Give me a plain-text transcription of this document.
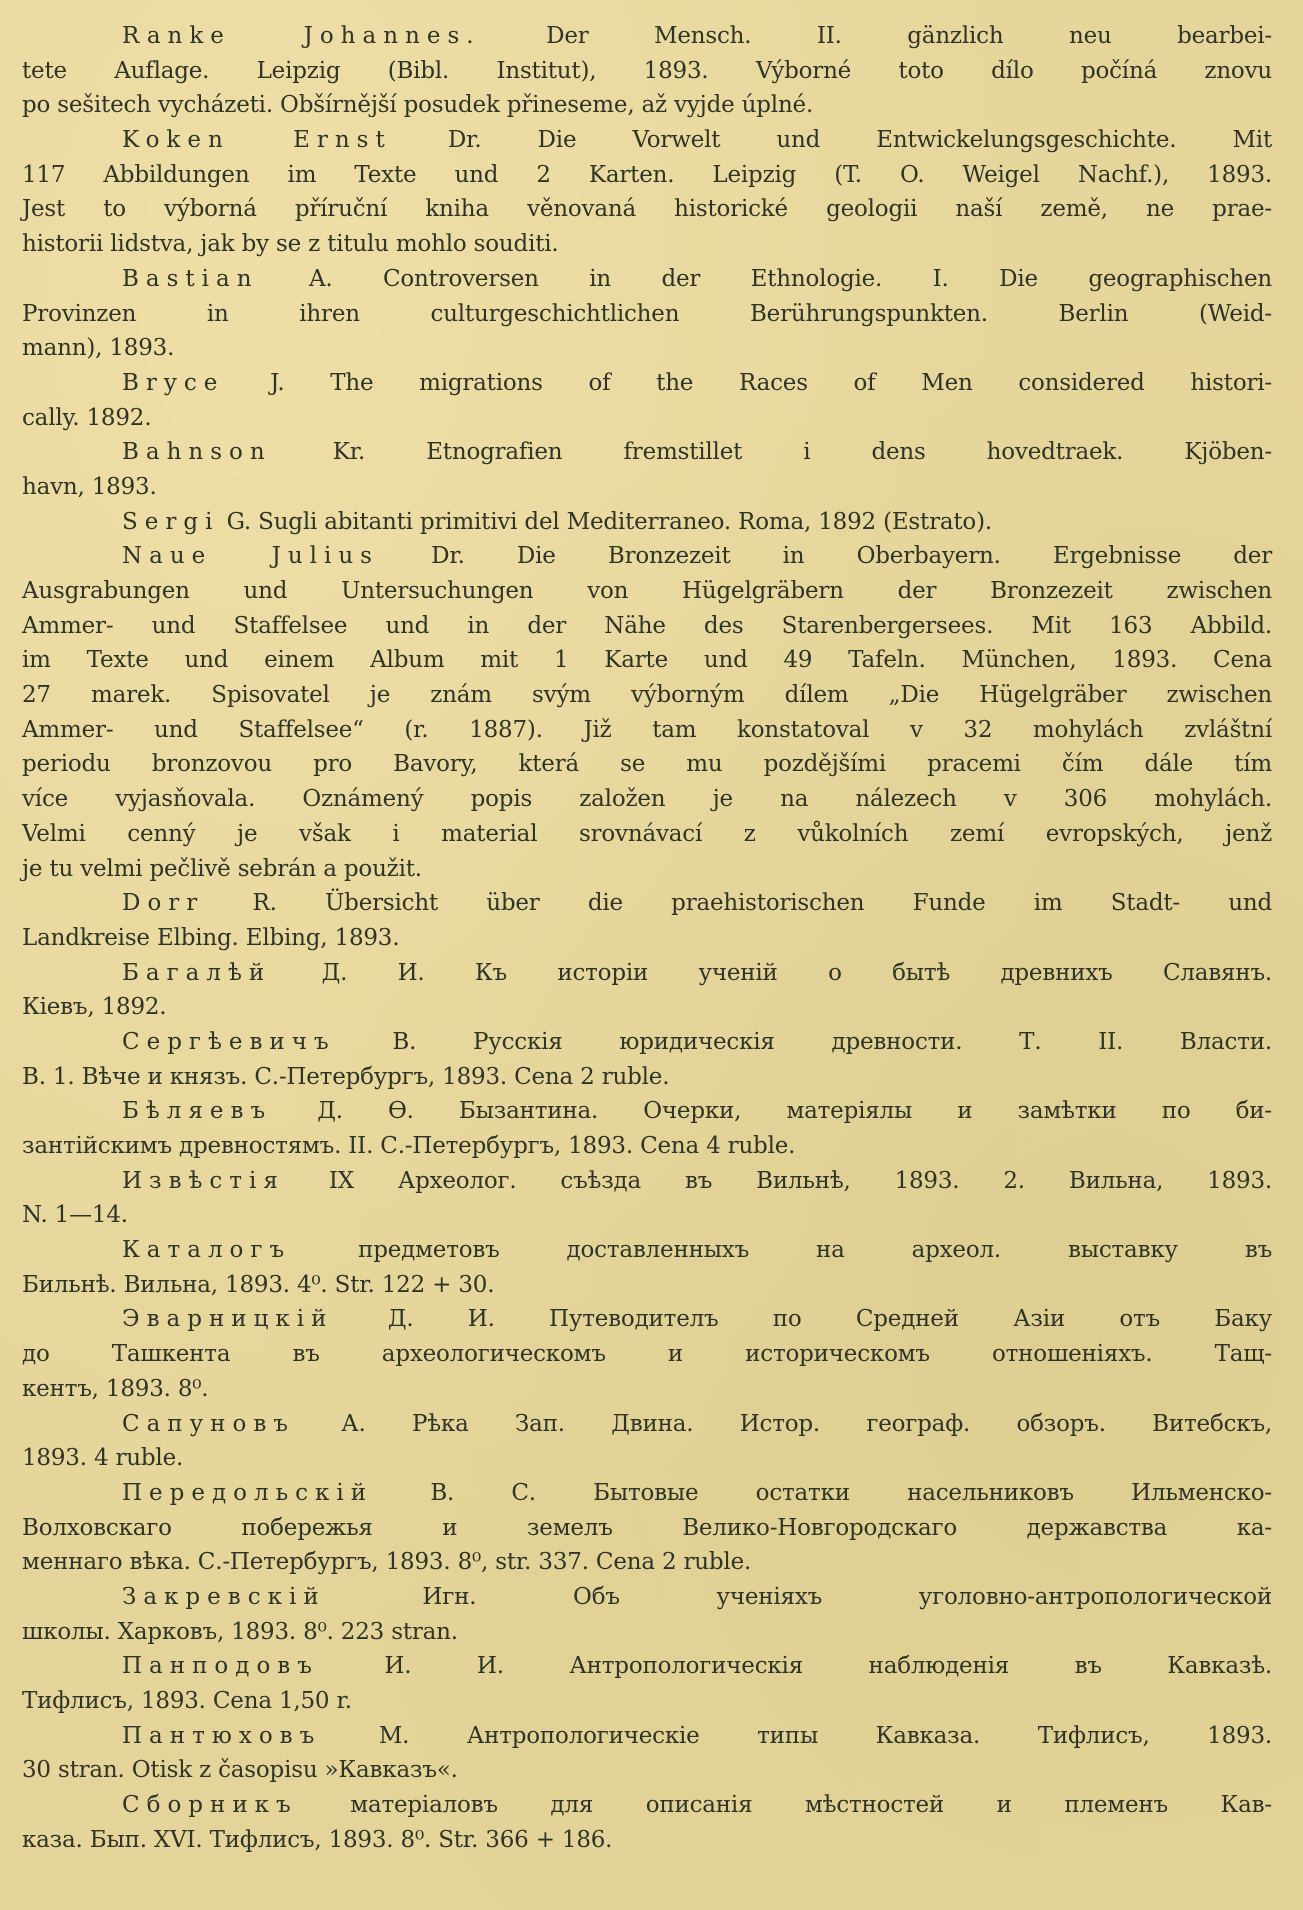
Ranke Johannes. Der Mensch. II. gänzlich neu bearbei-
tete Auflage. Leipzig (Bibl. Institut), 1893. Výborné toto dílo počíná znovu
po sešitech vycházeti. Obšírnější posudek přineseme, až vyjde úplné.
Koken Ernst Dr. Die Vorwelt und Entwickelungsgeschichte. Mit
117 Abbildungen im Texte und 2 Karten. Leipzig (T. O. Weigel Nachf.), 1893.
Jest to výborná příruční kniha věnovaná historické geologii naší země, ne prae-
historii lidstva, jak by se z titulu mohlo souditi.
Bastian A. Controversen in der Ethnologie. I. Die geographischen
Provinzen in ihren culturgeschichtlichen Berührungspunkten. Berlin (Weid-
mann), 1893.
Bryce J. The migrations of the Races of Men considered histori-
cally. 1892.
Bahnson Kr. Etnografien fremstillet i dens hovedtraek. Kjöben-
havn, 1893.
Sergi G. Sugli abitanti primitivi del Mediterraneo. Roma, 1892 (Estrato).
Naue Julius Dr. Die Bronzezeit in Oberbayern. Ergebnisse der
Ausgrabungen und Untersuchungen von Hügelgräbern der Bronzezeit zwischen
Ammer- und Staffelsee und in der Nähe des Starenbergersees. Mit 163 Abbild.
im Texte und einem Album mit 1 Karte und 49 Tafeln. München, 1893. Cena
27 marek. Spisovatel je znám svým výborným dílem „Die Hügelgräber zwischen
Ammer- und Staffelsee“ (r. 1887). Již tam konstatoval v 32 mohylách zvláštní
periodu bronzovou pro Bavory, která se mu pozdějšími pracemi čím dále tím
více vyjasňovala. Oznámený popis založen je na nálezech v 306 mohylách.
Velmi cenný je však i material srovnávací z vůkolních zemí evropských, jenž
je tu velmi pečlivě sebrán a použit.
Dorr R. Übersicht über die praehistorischen Funde im Stadt- und
Landkreise Elbing. Elbing, 1893.
Багалѣй Д. И. Къ исторіи ученій о бытѣ древнихъ Славянъ.
Кіевъ, 1892.
Сергѣевичъ В. Русскія юридическія древности. Т. II. Власти.
В. 1. Вѣче и князъ. С.-Петербургъ, 1893. Cena 2 ruble.
Бѣляевъ Д. Ѳ. Бызантина. Очерки, матеріялы и замѣтки по би-
зантійскимъ древностямъ. II. С.-Петербургъ, 1893. Cena 4 ruble.
Извѣстія IX Археолог. съѣзда въ Вильнѣ, 1893. 2. Вильна, 1893.
N. 1—14.
Каталогъ предметовъ доставленныхъ на археол. выставку въ
Бильнѣ. Вильна, 1893. 4⁰. Str. 122 + 30.
Эварницкій Д. И. Путеводителъ по Средней Азіи отъ Баку
до Ташкента въ археологическомъ и историческомъ отношеніяхъ. Тащ-
кентъ, 1893. 8⁰.
Сапуновъ А. Рѣка Зап. Двина. Истор. географ. обзоръ. Витебскъ,
1893. 4 ruble.
Передольскій В. С. Бытовые остатки насельниковъ Ильменско-
Волховскаго побережья и земелъ Велико-Новгородскаго державства ка-
меннаго вѣка. С.-Петербургъ, 1893. 8⁰, str. 337. Cena 2 ruble.
Закревскій Игн. Объ ученіяхъ уголовно-антропологической
школы. Харковъ, 1893. 8⁰. 223 stran.
Панподовъ И. И. Антропологическія наблюденія въ Кавказѣ.
Тифлисъ, 1893. Cena 1,50 r.
Пантюховъ М. Антропологическіе типы Кавказа. Тифлисъ, 1893.
30 stran. Otisk z časopisu »Кавказъ«.
Сборникъ матеріаловъ для описанія мѣстностей и племенъ Кав-
каза. Бып. XVI. Тифлисъ, 1893. 8⁰. Str. 366 + 186.
